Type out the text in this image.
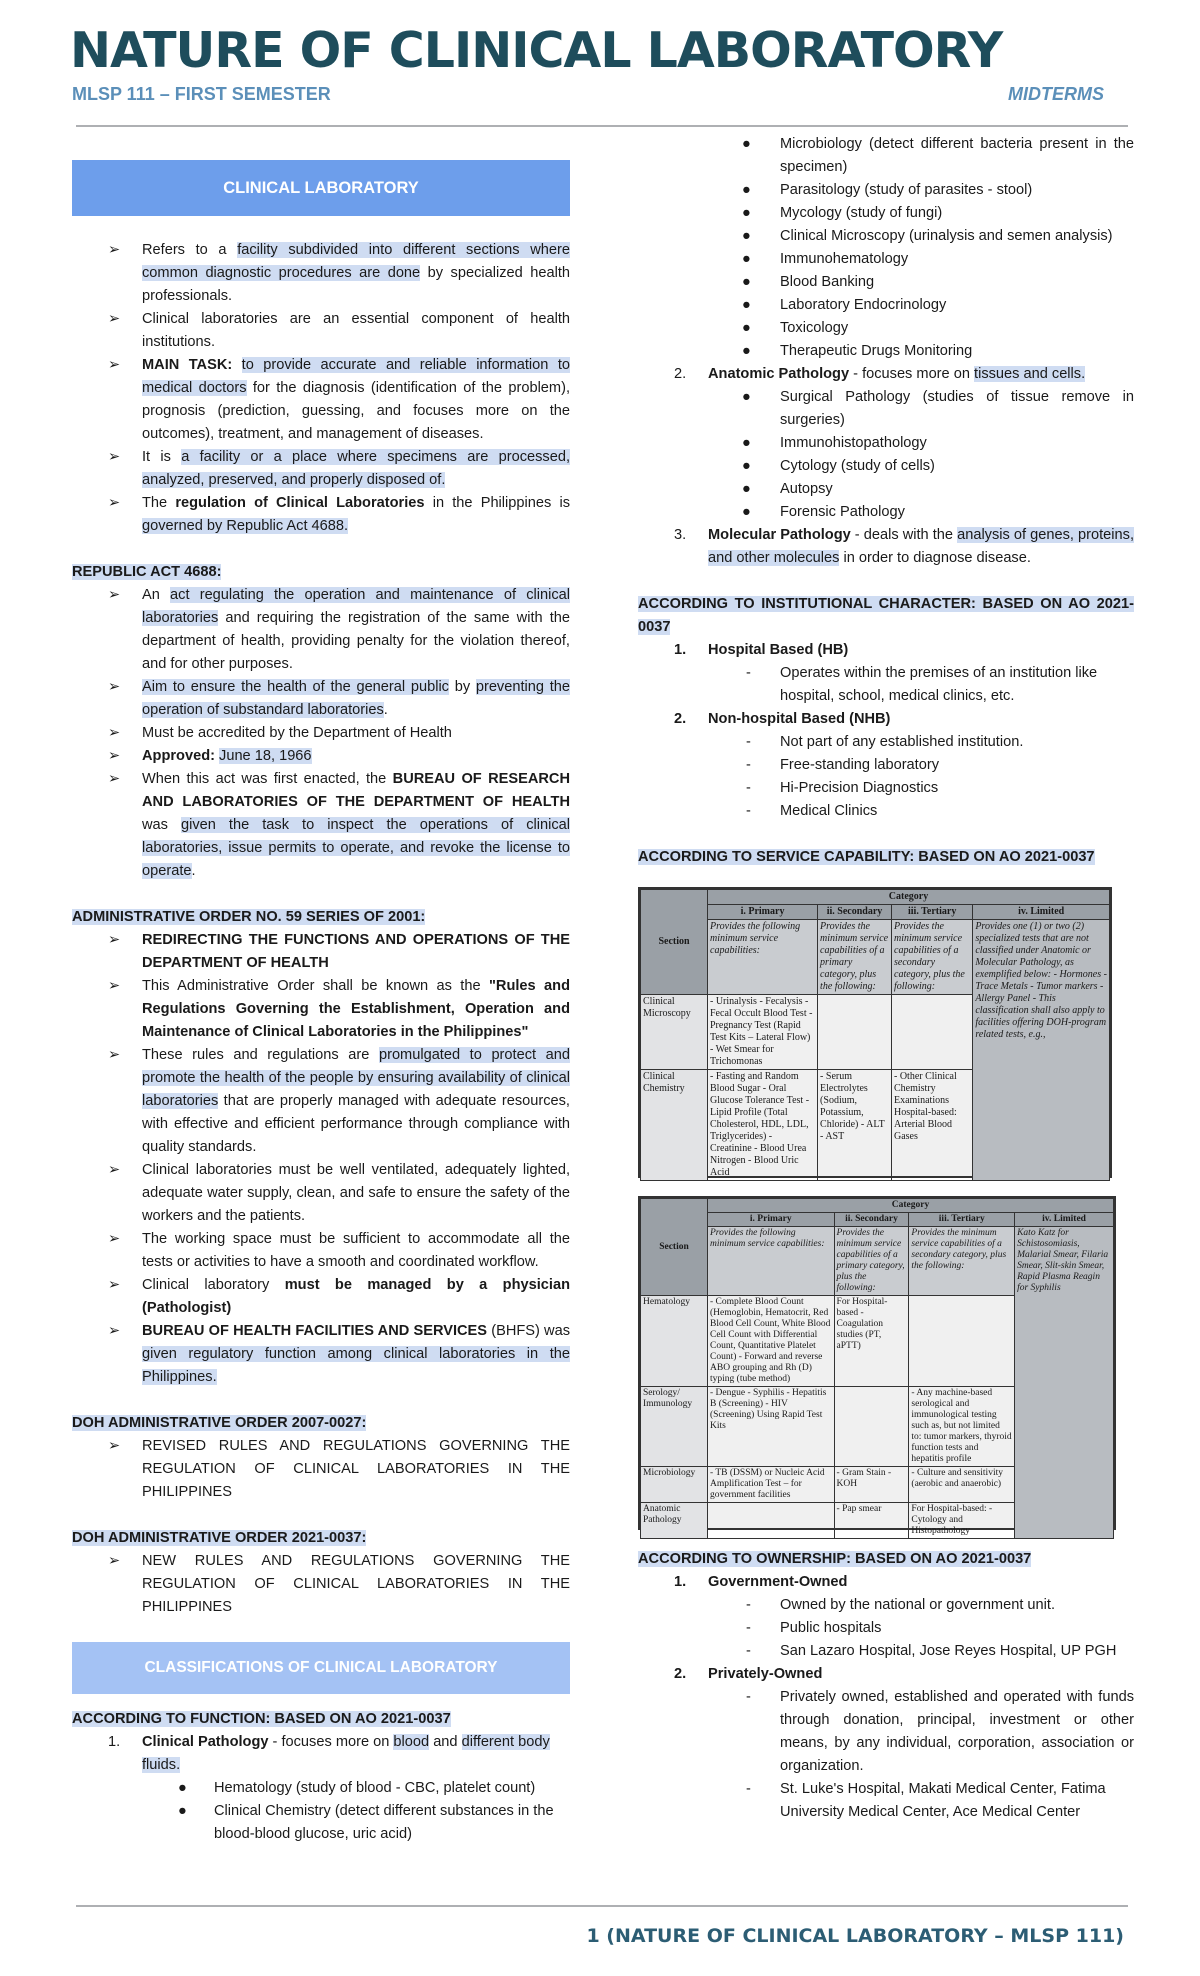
NATURE OF CLINICAL LABORATORY
MLSP 111 – FIRST SEMESTER	MIDTERMS
CLINICAL LABORATORY
➢ Refers to a facility subdivided into different sections where common diagnostic procedures are done by specialized health professionals.
➢ Clinical laboratories are an essential component of health institutions.
➢ MAIN TASK: to provide accurate and reliable information to medical doctors for the diagnosis (identification of the problem), prognosis (prediction, guessing, and focuses more on the outcomes), treatment, and management of diseases.
➢ It is a facility or a place where specimens are processed, analyzed, preserved, and properly disposed of.
➢ The regulation of Clinical Laboratories in the Philippines is governed by Republic Act 4688.
REPUBLIC ACT 4688:
➢ An act regulating the operation and maintenance of clinical laboratories and requiring the registration of the same with the department of health, providing penalty for the violation thereof, and for other purposes.
➢ Aim to ensure the health of the general public by preventing the operation of substandard laboratories.
➢ Must be accredited by the Department of Health
➢ Approved: June 18, 1966
➢ When this act was first enacted, the BUREAU OF RESEARCH AND LABORATORIES OF THE DEPARTMENT OF HEALTH was given the task to inspect the operations of clinical laboratories, issue permits to operate, and revoke the license to operate.
ADMINISTRATIVE ORDER NO. 59 SERIES OF 2001:
➢ REDIRECTING THE FUNCTIONS AND OPERATIONS OF THE DEPARTMENT OF HEALTH
➢ This Administrative Order shall be known as the "Rules and Regulations Governing the Establishment, Operation and Maintenance of Clinical Laboratories in the Philippines"
➢ These rules and regulations are promulgated to protect and promote the health of the people by ensuring availability of clinical laboratories that are properly managed with adequate resources, with effective and efficient performance through compliance with quality standards.
➢ Clinical laboratories must be well ventilated, adequately lighted, adequate water supply, clean, and safe to ensure the safety of the workers and the patients.
➢ The working space must be sufficient to accommodate all the tests or activities to have a smooth and coordinated workflow.
➢ Clinical laboratory must be managed by a physician (Pathologist)
➢ BUREAU OF HEALTH FACILITIES AND SERVICES (BHFS) was given regulatory function among clinical laboratories in the Philippines.
DOH ADMINISTRATIVE ORDER 2007-0027:
➢ REVISED RULES AND REGULATIONS GOVERNING THE REGULATION OF CLINICAL LABORATORIES IN THE PHILIPPINES
DOH ADMINISTRATIVE ORDER 2021-0037:
➢ NEW RULES AND REGULATIONS GOVERNING THE REGULATION OF CLINICAL LABORATORIES IN THE PHILIPPINES
CLASSIFICATIONS OF CLINICAL LABORATORY
ACCORDING TO FUNCTION: BASED ON AO 2021-0037
1. Clinical Pathology - focuses more on blood and different body fluids.
● Hematology (study of blood - CBC, platelet count)
● Clinical Chemistry (detect different substances in the blood-blood glucose, uric acid)
● Microbiology (detect different bacteria present in the specimen)
● Parasitology (study of parasites - stool)
● Mycology (study of fungi)
● Clinical Microscopy (urinalysis and semen analysis)
● Immunohematology
● Blood Banking
● Laboratory Endocrinology
● Toxicology
● Therapeutic Drugs Monitoring
2. Anatomic Pathology - focuses more on tissues and cells.
● Surgical Pathology (studies of tissue remove in surgeries)
● Immunohistopathology
● Cytology (study of cells)
● Autopsy
● Forensic Pathology
3. Molecular Pathology - deals with the analysis of genes, proteins, and other molecules in order to diagnose disease.
ACCORDING TO INSTITUTIONAL CHARACTER: BASED ON AO 2021-0037
1. Hospital Based (HB)
- Operates within the premises of an institution like hospital, school, medical clinics, etc.
2. Non-hospital Based (NHB)
- Not part of any established institution.
- Free-standing laboratory
- Hi-Precision Diagnostics
- Medical Clinics
ACCORDING TO SERVICE CAPABILITY: BASED ON AO 2021-0037
Section	Category			
	i. Primary	ii. Secondary	iii. Tertiary	iv. Limited
	Provides the following minimum service capabilities:	Provides the minimum service capabilities of a primary category, plus the following:	Provides the minimum service capabilities of a secondary category, plus the following:	Provides one (1) or two (2) specialized tests that are not classified under Anatomic or Molecular Pathology, as exemplified below: - Hormones - Trace Metals - Tumor markers - Allergy Panel - This classification shall also apply to facilities offering DOH-program related tests, e.g.,
Clinical Microscopy	- Urinalysis - Fecalysis - Fecal Occult Blood Test - Pregnancy Test (Rapid Test Kits – Lateral Flow) - Wet Smear for Trichomonas			
Clinical Chemistry	- Fasting and Random Blood Sugar - Oral Glucose Tolerance Test - Lipid Profile (Total Cholesterol, HDL, LDL, Triglycerides) - Creatinine - Blood Urea Nitrogen - Blood Uric Acid	- Serum Electrolytes (Sodium, Potassium, Chloride) - ALT - AST	- Other Clinical Chemistry Examinations Hospital-based: Arterial Blood Gases	
Section	Category			
	i. Primary	ii. Secondary	iii. Tertiary	iv. Limited
	Provides the following minimum service capabilities:	Provides the minimum service capabilities of a primary category, plus the following:	Provides the minimum service capabilities of a secondary category, plus the following:	Kato Katz for Schistosomiasis, Malarial Smear, Filaria Smear, Slit-skin Smear, Rapid Plasma Reagin for Syphilis
Hematology	- Complete Blood Count (Hemoglobin, Hematocrit, Red Blood Cell Count, White Blood Cell Count with Differential Count, Quantitative Platelet Count) - Forward and reverse ABO grouping and Rh (D) typing (tube method)	For Hospital-based - Coagulation studies (PT, aPTT)		
Serology/ Immunology	- Dengue - Syphilis - Hepatitis B (Screening) - HIV (Screening) Using Rapid Test Kits		- Any machine-based serological and immunological testing such as, but not limited to: tumor markers, thyroid function tests and hepatitis profile	
Microbiology	- TB (DSSM) or Nucleic Acid Amplification Test – for government facilities	- Gram Stain - KOH	- Culture and sensitivity (aerobic and anaerobic)	
Anatomic Pathology		- Pap smear	For Hospital-based: - Cytology and Histopathology	
ACCORDING TO OWNERSHIP: BASED ON AO 2021-0037
1. Government-Owned
- Owned by the national or government unit.
- Public hospitals
- San Lazaro Hospital, Jose Reyes Hospital, UP PGH
2. Privately-Owned
- Privately owned, established and operated with funds through donation, principal, investment or other means, by any individual, corporation, association or organization.
- St. Luke's Hospital, Makati Medical Center, Fatima University Medical Center, Ace Medical Center
1 (NATURE OF CLINICAL LABORATORY – MLSP 111)
